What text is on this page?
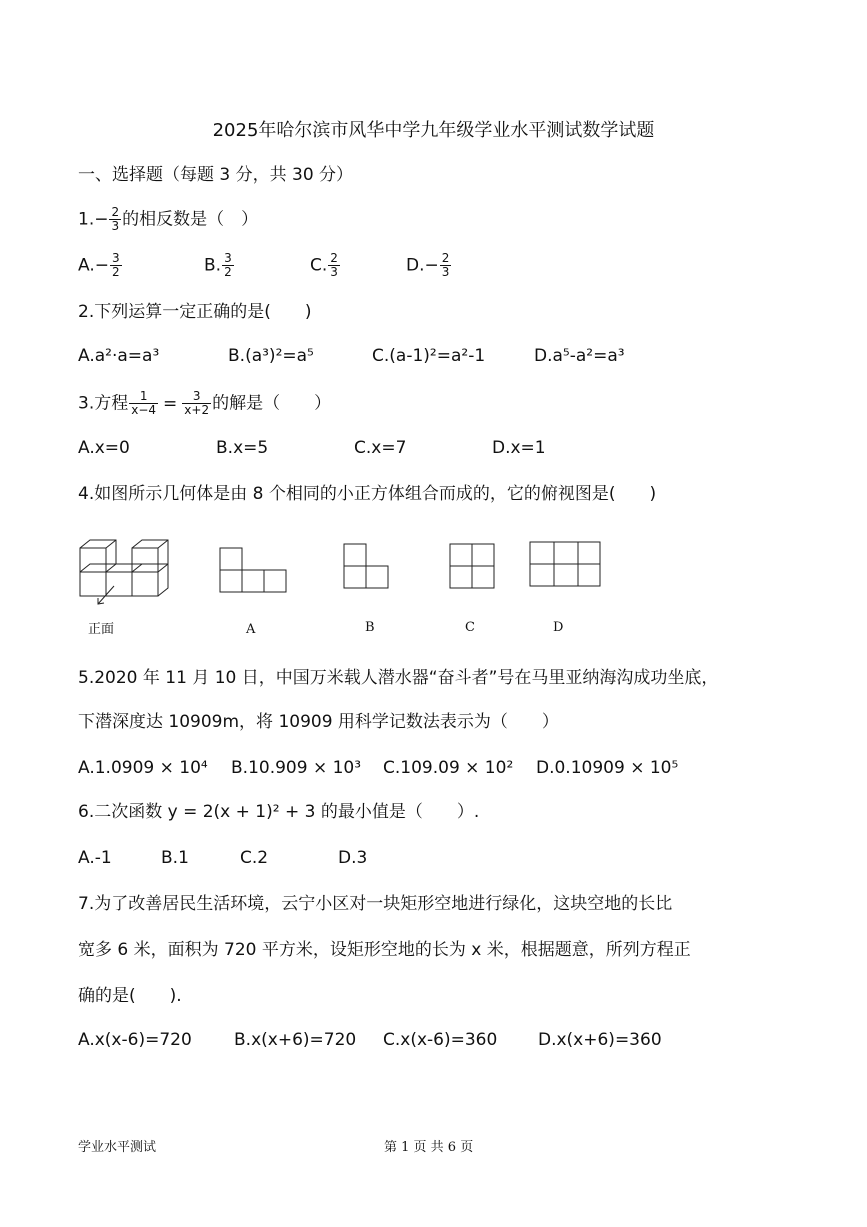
2025年哈尔滨市风华中学九年级学业水平测试数学试题
一、选择题（每题 3 分，共 30 分）
$1.- \frac{2}{3}$ 的相反数是（　）
$A.- \frac{3}{2}$	B. $\frac{3}{2}$	C. $\frac{2}{3}$	$D.- \frac{2}{3}$
2.下列运算一定正确的是(　　)
A.a²·a=a³	B.(a³)²=a⁵	C.(a-1)²=a²-1	D.a⁵-a²=a³
3.方程 $\frac{1}{x-4} = \frac{3}{x+2}$ 的解是（　　）
A.x=0	B.x=5	C.x=7	D.x=1
4.如图所示几何体是由 8 个相同的小正方体组合而成的，它的俯视图是(　　)
正面	A	B	C	D
5.2020 年 11 月 10 日，中国万米载人潜水器“奋斗者”号在马里亚纳海沟成功坐底，
下潜深度达 10909m，将 10909 用科学记数法表示为（　　）
A.1.0909 × 10⁴ B.10.909 × 10³ C.109.09 × 10² D.0.10909 × 10⁵
6.二次函数 y = 2(x + 1)² + 3 的最小值是（　　）.
A.-1	B.1	C.2	D.3
7.为了改善居民生活环境，云宁小区对一块矩形空地进行绿化，这块空地的长比
宽多 6 米，面积为 720 平方米，设矩形空地的长为 x 米，根据题意，所列方程正
确的是(　　).
A.x(x-6)=720 B.x(x+6)=720 C.x(x-6)=360 D.x(x+6)=360
学业水平测试	第 1 页 共 6 页
